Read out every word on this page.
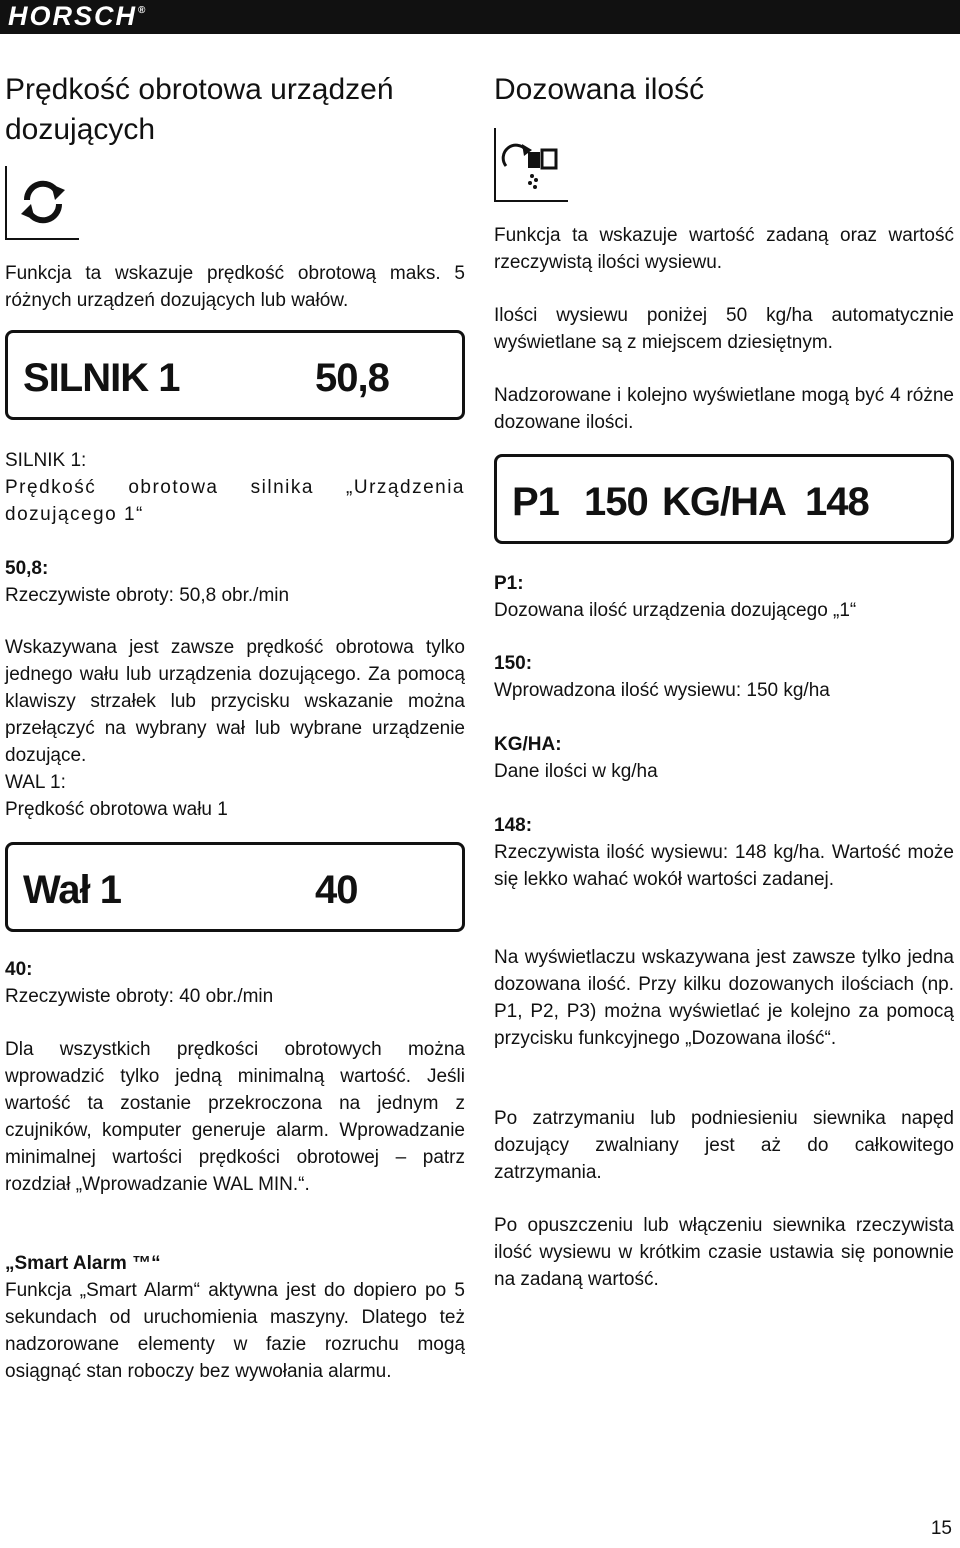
HORSCH®
Prędkość obrotowa urządzeń dozujących

Funkcja ta wskazuje prędkość obrotową maks. 5 różnych urządzeń dozujących lub wałów.

SILNIK 1	50,8

SILNIK 1:
Prędkość obrotowa silnika „Urządzenia dozującego 1“

50,8:
Rzeczywiste obroty: 50,8 obr./min

Wskazywana jest zawsze prędkość obrotowa tylko jednego wału lub urządzenia dozującego. Za pomocą klawiszy strzałek lub przycisku wskazanie można przełączyć na wybrany wał lub wybrane urządzenie dozujące.

WAL 1:
Prędkość obrotowa wału 1

Wał 1	40

40:
Rzeczywiste obroty: 40 obr./min

Dla wszystkich prędkości obrotowych można wprowadzić tylko jedną minimalną wartość. Jeśli wartość ta zostanie przekroczona na jednym z czujników, komputer generuje alarm. Wprowadzanie minimalnej wartości prędkości obrotowej – patrz rozdział „Wprowadzanie WAL MIN.“.

„Smart Alarm ™“
Funkcja „Smart Alarm“ aktywna jest do dopiero po 5 sekundach od uruchomienia maszyny. Dlatego też nadzorowane elementy w fazie rozruchu mogą osiągnąć stan roboczy bez wywołania alarmu.

Dozowana ilość

Funkcja ta wskazuje wartość zadaną oraz wartość rzeczywistą ilości wysiewu.

Ilości wysiewu poniżej 50 kg/ha automatycznie wyświetlane są z miejscem dziesiętnym.

Nadzorowane i kolejno wyświetlane mogą być 4 różne dozowane ilości.

P1 150 KG/HA 148

P1:
Dozowana ilość urządzenia dozującego „1“

150:
Wprowadzona ilość wysiewu: 150 kg/ha

KG/HA:
Dane ilości w kg/ha

148:
Rzeczywista ilość wysiewu: 148 kg/ha. Wartość może się lekko wahać wokół wartości zadanej.

Na wyświetlaczu wskazywana jest zawsze tylko jedna dozowana ilość. Przy kilku dozowanych ilościach (np. P1, P2, P3) można wyświetlać je kolejno za pomocą przycisku funkcyjnego „Dozowana ilość“.

Po zatrzymaniu lub podniesieniu siewnika napęd dozujący zwalniany jest aż do całkowitego zatrzymania.

Po opuszczeniu lub włączeniu siewnika rzeczywista ilość wysiewu w krótkim czasie ustawia się ponownie na zadaną wartość.

15
